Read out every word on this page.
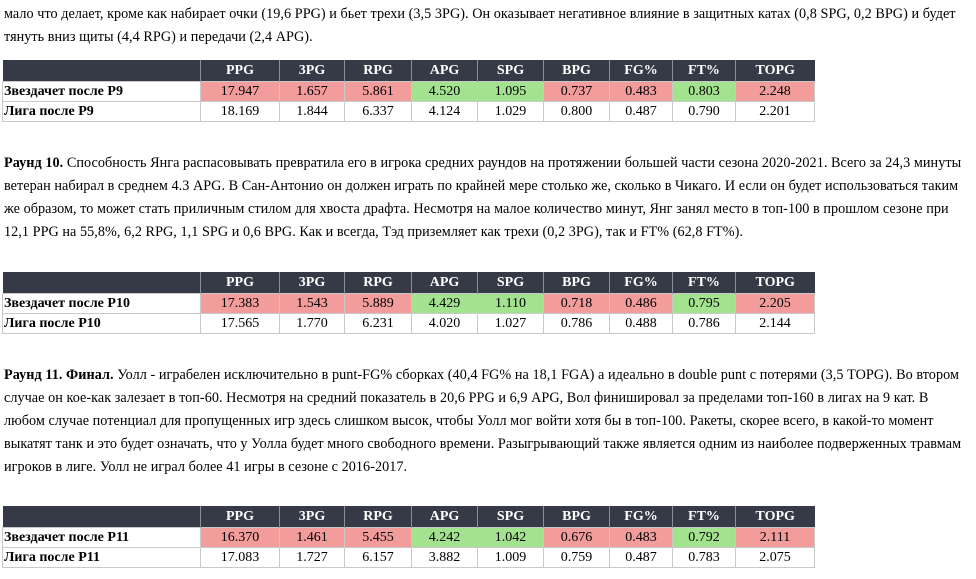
мало что делает, кроме как набирает очки (19,6 PPG) и бьет трехи (3,5 3PG). Он оказывает негативное влияние в защитных катах (0,8 SPG, 0,2 BPG) и будет тянуть вниз щиты (4,4 RPG) и передачи (2,4 APG).

	PPG	3PG	RPG	APG	SPG	BPG	FG%	FT%	TOPG
Звездачет после Р9	17.947	1.657	5.861	4.520	1.095	0.737	0.483	0.803	2.248
Лига после Р9	18.169	1.844	6.337	4.124	1.029	0.800	0.487	0.790	2.201

Раунд 10. Способность Янга распасовывать превратила его в игрока средних раундов на протяжении большей части сезона 2020-2021. Всего за 24,3 минуты ветеран набирал в среднем 4.3 APG. В Сан-Антонио он должен играть по крайней мере столько же, сколько в Чикаго. И если он будет использоваться таким же образом, то может стать приличным стилом для хвоста драфта. Несмотря на малое количество минут, Янг занял место в топ-100 в прошлом сезоне при 12,1 PPG на 55,8%, 6,2 RPG, 1,1 SPG и 0,6 BPG. Как и всегда, Тэд приземляет как трехи (0,2 3PG), так и FT% (62,8 FT%).

	PPG	3PG	RPG	APG	SPG	BPG	FG%	FT%	TOPG
Звездачет после Р10	17.383	1.543	5.889	4.429	1.110	0.718	0.486	0.795	2.205
Лига после Р10	17.565	1.770	6.231	4.020	1.027	0.786	0.488	0.786	2.144

Раунд 11. Финал. Уолл - играбелен исключительно в punt-FG% сборках (40,4 FG% на 18,1 FGA) а идеально в double punt с потерями (3,5 TOPG). Во втором случае он кое-как залезает в топ-60. Несмотря на средний показатель в 20,6 PPG и 6,9 APG, Вол финишировал за пределами топ-160 в лигах на 9 кат. В любом случае потенциал для пропущенных игр здесь слишком высок, чтобы Уолл мог войти хотя бы в топ-100. Ракеты, скорее всего, в какой-то момент выкатят танк и это будет означать, что у Уолла будет много свободного времени. Разыгрывающий также является одним из наиболее подверженных травмам игроков в лиге. Уолл не играл более 41 игры в сезоне с 2016-2017.

	PPG	3PG	RPG	APG	SPG	BPG	FG%	FT%	TOPG
Звездачет после Р11	16.370	1.461	5.455	4.242	1.042	0.676	0.483	0.792	2.111
Лига после Р11	17.083	1.727	6.157	3.882	1.009	0.759	0.487	0.783	2.075
